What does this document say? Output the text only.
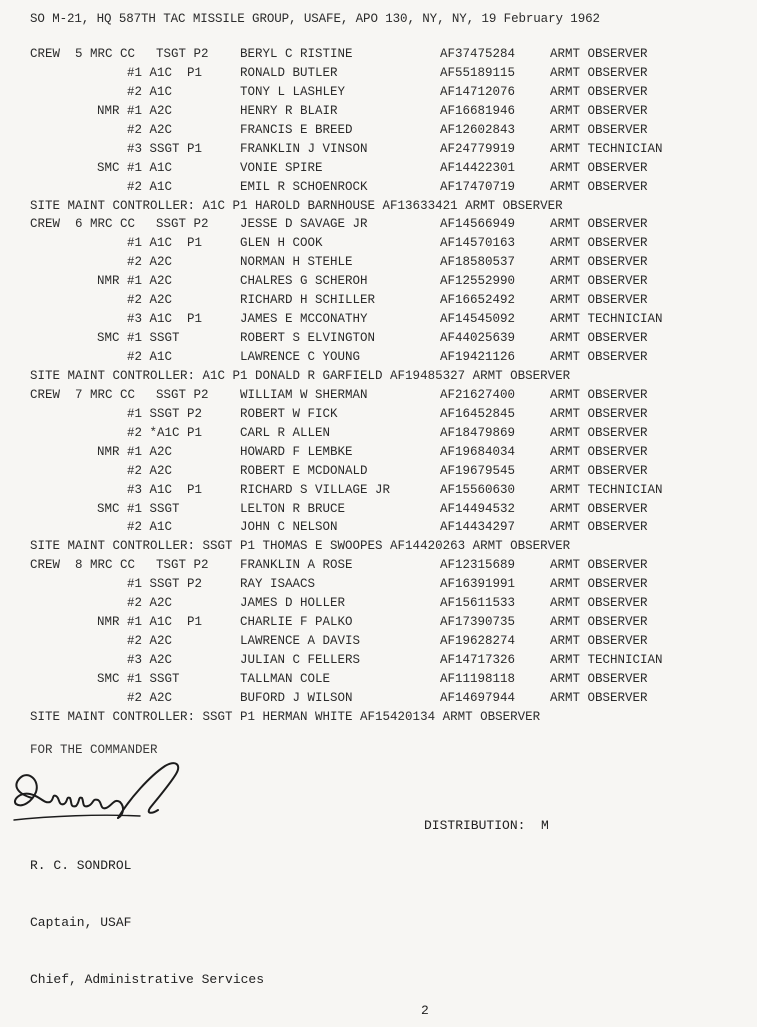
SO M-21, HQ 587TH TAC MISSILE GROUP, USAFE, APO 130, NY, NY, 19 February 1962
CREW  5 MRC CC TSGT P2	BERYL C RISTINE	AF37475284	ARMT OBSERVER
#1 A1C  P1	RONALD BUTLER	AF55189115	ARMT OBSERVER
#2 A1C	TONY L LASHLEY	AF14712076	ARMT OBSERVER
NMR #1 A2C	HENRY R BLAIR	AF16681946	ARMT OBSERVER
#2 A2C	FRANCIS E BREED	AF12602843	ARMT OBSERVER
#3 SSGT P1	FRANKLIN J VINSON	AF24779919	ARMT TECHNICIAN
SMC #1 A1C	VONIE SPIRE	AF14422301	ARMT OBSERVER
#2 A1C	EMIL R SCHOENROCK	AF17470719	ARMT OBSERVER
SITE MAINT CONTROLLER: A1C P1 HAROLD BARNHOUSE AF13633421 ARMT OBSERVER
CREW  6 MRC CC SSGT P2	JESSE D SAVAGE JR	AF14566949	ARMT OBSERVER
#1 A1C  P1	GLEN H COOK	AF14570163	ARMT OBSERVER
#2 A2C	NORMAN H STEHLE	AF18580537	ARMT OBSERVER
NMR #1 A2C	CHALRES G SCHEROH	AF12552990	ARMT OBSERVER
#2 A2C	RICHARD H SCHILLER	AF16652492	ARMT OBSERVER
#3 A1C  P1	JAMES E MCCONATHY	AF14545092	ARMT TECHNICIAN
SMC #1 SSGT	ROBERT S ELVINGTON	AF44025639	ARMT OBSERVER
#2 A1C	LAWRENCE C YOUNG	AF19421126	ARMT OBSERVER
SITE MAINT CONTROLLER: A1C P1 DONALD R GARFIELD AF19485327 ARMT OBSERVER
CREW  7 MRC CC SSGT P2	WILLIAM W SHERMAN	AF21627400	ARMT OBSERVER
#1 SSGT P2	ROBERT W FICK	AF16452845	ARMT OBSERVER
#2 *A1C P1	CARL R ALLEN	AF18479869	ARMT OBSERVER
NMR #1 A2C	HOWARD F LEMBKE	AF19684034	ARMT OBSERVER
#2 A2C	ROBERT E MCDONALD	AF19679545	ARMT OBSERVER
#3 A1C  P1	RICHARD S VILLAGE JR	AF15560630	ARMT TECHNICIAN
SMC #1 SSGT	LELTON R BRUCE	AF14494532	ARMT OBSERVER
#2 A1C	JOHN C NELSON	AF14434297	ARMT OBSERVER
SITE MAINT CONTROLLER: SSGT P1 THOMAS E SWOOPES AF14420263 ARMT OBSERVER
CREW  8 MRC CC TSGT P2	FRANKLIN A ROSE	AF12315689	ARMT OBSERVER
#1 SSGT P2	RAY ISAACS	AF16391991	ARMT OBSERVER
#2 A2C	JAMES D HOLLER	AF15611533	ARMT OBSERVER
NMR #1 A1C  P1	CHARLIE F PALKO	AF17390735	ARMT OBSERVER
#2 A2C	LAWRENCE A DAVIS	AF19628274	ARMT OBSERVER
#3 A2C	JULIAN C FELLERS	AF14717326	ARMT TECHNICIAN
SMC #1 SSGT	TALLMAN COLE	AF11198118	ARMT OBSERVER
#2 A2C	BUFORD J WILSON	AF14697944	ARMT OBSERVER
SITE MAINT CONTROLLER: SSGT P1 HERMAN WHITE AF15420134 ARMT OBSERVER
FOR THE COMMANDER

R. C. SONDROL

Captain, USAF

Chief, Administrative Services

DISTRIBUTION:  M
2
